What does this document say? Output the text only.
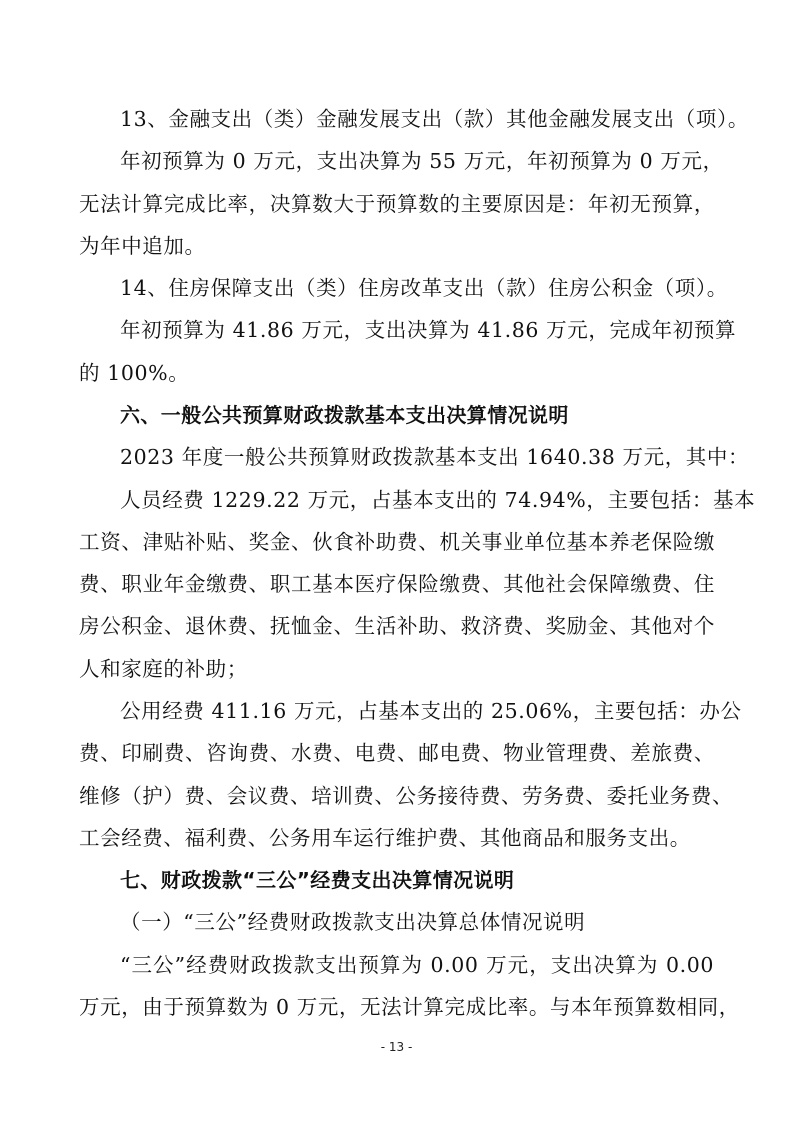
13、金融支出（类）金融发展支出（款）其他金融发展支出（项）。
年初预算为 0 万元，支出决算为 55 万元，年初预算为 0 万元，
无法计算完成比率，决算数大于预算数的主要原因是：年初无预算，
为年中追加。
14、住房保障支出（类）住房改革支出（款）住房公积金（项）。
年初预算为 41.86 万元，支出决算为 41.86 万元，完成年初预算
的 100%。
六、一般公共预算财政拨款基本支出决算情况说明
2023 年度一般公共预算财政拨款基本支出 1640.38 万元，其中：
人员经费 1229.22 万元，占基本支出的 74.94%，主要包括：基本
工资、津贴补贴、奖金、伙食补助费、机关事业单位基本养老保险缴
费、职业年金缴费、职工基本医疗保险缴费、其他社会保障缴费、住
房公积金、退休费、抚恤金、生活补助、救济费、奖励金、其他对个
人和家庭的补助；
公用经费 411.16 万元，占基本支出的 25.06%，主要包括：办公
费、印刷费、咨询费、水费、电费、邮电费、物业管理费、差旅费、
维修（护）费、会议费、培训费、公务接待费、劳务费、委托业务费、
工会经费、福利费、公务用车运行维护费、其他商品和服务支出。
七、财政拨款“三公”经费支出决算情况说明
（一）“三公”经费财政拨款支出决算总体情况说明
“三公”经费财政拨款支出预算为 0.00 万元，支出决算为 0.00
万元，由于预算数为 0 万元，无法计算完成比率。与本年预算数相同，
- 13 -
